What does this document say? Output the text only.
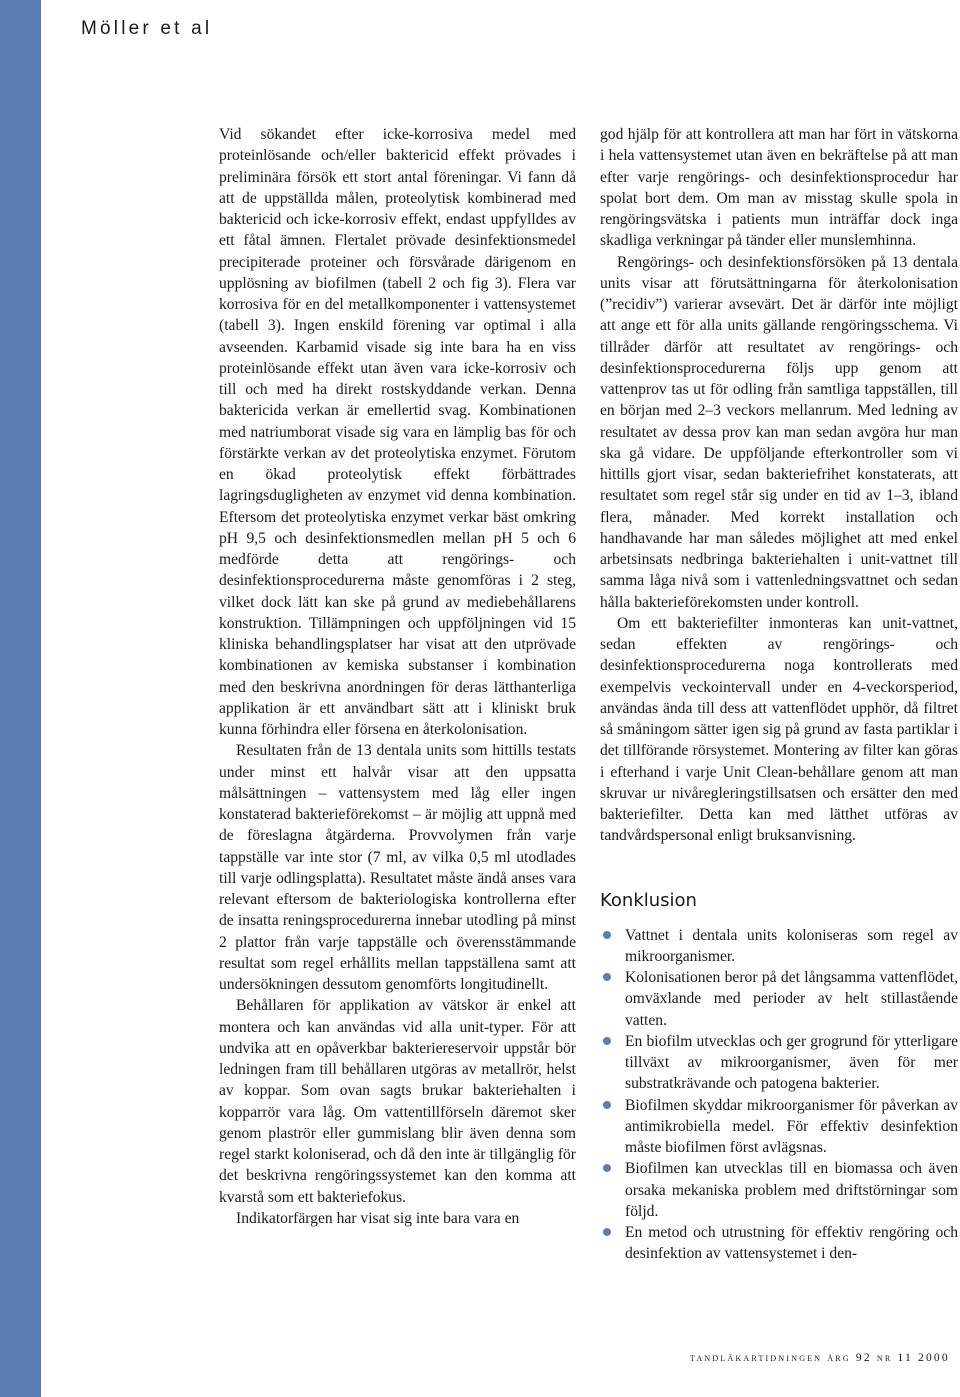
Möller et al

Vid sökandet efter icke-korrosiva medel med proteinlösande och/eller baktericid effekt prövades i preliminära försök ett stort antal föreningar. Vi fann då att de uppställda målen, proteolytisk kombinerad med baktericid och icke-korrosiv effekt, endast uppfylldes av ett fåtal ämnen. Flertalet prövade desinfektionsmedel precipiterade proteiner och försvårade därigenom en upplösning av biofilmen (tabell 2 och fig 3). Flera var korrosiva för en del metallkomponenter i vattensystemet (tabell 3). Ingen enskild förening var optimal i alla avseenden. Karbamid visade sig inte bara ha en viss proteinlösande effekt utan även vara icke-korrosiv och till och med ha direkt rostskyddande verkan. Denna baktericida verkan är emellertid svag. Kombinationen med natriumborat visade sig vara en lämplig bas för och förstärkte verkan av det proteolytiska enzymet. Förutom en ökad proteolytisk effekt förbättrades lagringsdugligheten av enzymet vid denna kombination. Eftersom det proteolytiska enzymet verkar bäst omkring pH 9,5 och desinfektionsmedlen mellan pH 5 och 6 medförde detta att rengörings- och desinfektionsprocedurerna måste genomföras i 2 steg, vilket dock lätt kan ske på grund av mediebehållarens konstruktion. Tillämpningen och uppföljningen vid 15 kliniska behandlingsplatser har visat att den utprövade kombinationen av kemiska substanser i kombination med den beskrivna anordningen för deras lätthanterliga applikation är ett användbart sätt att i kliniskt bruk kunna förhindra eller försena en återkolonisation.

Resultaten från de 13 dentala units som hittills testats under minst ett halvår visar att den uppsatta målsättningen – vattensystem med låg eller ingen konstaterad bakterieförekomst – är möjlig att uppnå med de föreslagna åtgärderna. Provvolymen från varje tappställe var inte stor (7 ml, av vilka 0,5 ml utodlades till varje odlingsplatta). Resultatet måste ändå anses vara relevant eftersom de bakteriologiska kontrollerna efter de insatta reningsprocedurerna innebar utodling på minst 2 plattor från varje tappställe och överensstämmande resultat som regel erhållits mellan tappställena samt att undersökningen dessutom genomförts longitudinellt.

Behållaren för applikation av vätskor är enkel att montera och kan användas vid alla unit-typer. För att undvika att en opåverkbar bakteriereservoir uppstår bör ledningen fram till behållaren utgöras av metallrör, helst av koppar. Som ovan sagts brukar bakteriehalten i kopparrör vara låg. Om vattentillförseln däremot sker genom plaströr eller gummislang blir även denna som regel starkt koloniserad, och då den inte är tillgänglig för det beskrivna rengöringssystemet kan den komma att kvarstå som ett bakteriefokus.

Indikatorfärgen har visat sig inte bara vara en

god hjälp för att kontrollera att man har fört in vätskorna i hela vattensystemet utan även en bekräftelse på att man efter varje rengörings- och desinfektionsprocedur har spolat bort dem. Om man av misstag skulle spola in rengöringsvätska i patients mun inträffar dock inga skadliga verkningar på tänder eller munslemhinna.

Rengörings- och desinfektionsförsöken på 13 dentala units visar att förutsättningarna för återkolonisation (”recidiv”) varierar avsevärt. Det är därför inte möjligt att ange ett för alla units gällande rengöringsschema. Vi tillråder därför att resultatet av rengörings- och desinfektionsprocedurerna följs upp genom att vattenprov tas ut för odling från samtliga tappställen, till en början med 2–3 veckors mellanrum. Med ledning av resultatet av dessa prov kan man sedan avgöra hur man ska gå vidare. De uppföljande efterkontroller som vi hittills gjort visar, sedan bakteriefrihet konstaterats, att resultatet som regel står sig under en tid av 1–3, ibland flera, månader. Med korrekt installation och handhavande har man således möjlighet att med enkel arbetsinsats nedbringa bakteriehalten i unit-vattnet till samma låga nivå som i vattenledningsvattnet och sedan hålla bakterieförekomsten under kontroll.

Om ett bakteriefilter inmonteras kan unit-vattnet, sedan effekten av rengörings- och desinfektionsprocedurerna noga kontrollerats med exempelvis veckointervall under en 4-veckorsperiod, användas ända till dess att vattenflödet upphör, då filtret så småningom sätter igen sig på grund av fasta partiklar i det tillförande rörsystemet. Montering av filter kan göras i efterhand i varje Unit Clean-behållare genom att man skruvar ur nivåregleringstillsatsen och ersätter den med bakteriefilter. Detta kan med lätthet utföras av tandvårdspersonal enligt bruksanvisning.

Konklusion
Vattnet i dentala units koloniseras som regel av mikroorganismer.
Kolonisationen beror på det långsamma vattenflödet, omväxlande med perioder av helt stillastående vatten.
En biofilm utvecklas och ger grogrund för ytterligare tillväxt av mikroorganismer, även för mer substratkrävande och patogena bakterier.
Biofilmen skyddar mikroorganismer för påverkan av antimikrobiella medel. För effektiv desinfektion måste biofilmen först avlägsnas.
Biofilmen kan utvecklas till en biomassa och även orsaka mekaniska problem med driftstörningar som följd.
En metod och utrustning för effektiv rengöring och desinfektion av vattensystemet i den-
tandläkartidningen årg 92 nr 11 2000
